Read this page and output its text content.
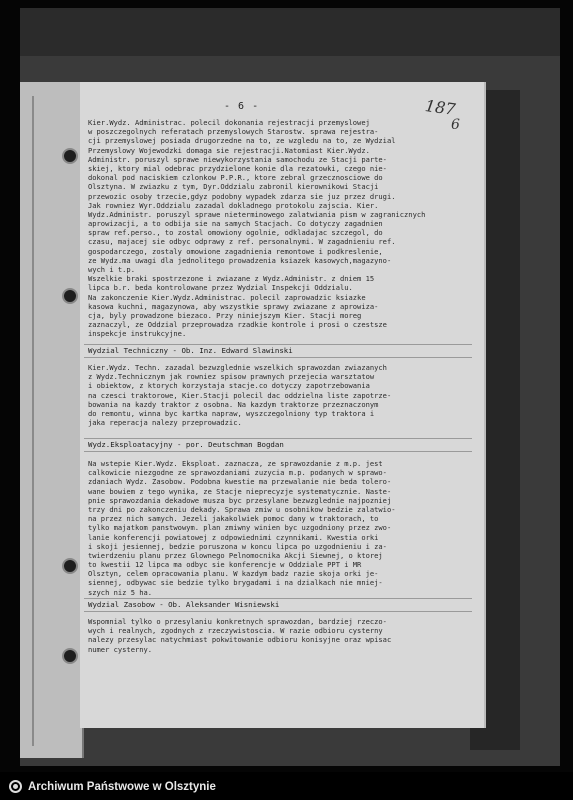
- 6 -	187
6
Kier.Wydz. Administrac. polecil dokonania rejestracji przemyslowej
w poszczegolnych referatach przemyslowych Starostw. sprawa rejestra-
cji przemyslowej posiada drugorzedne na to, ze wzgledu na to, ze Wydzial
Przemyslowy Wojewodzki domaga sie rejestracji.Natomiast Kier.Wydz.
Administr. poruszyl sprawe niewykorzystania samochodu ze Stacji parte-
skiej, ktory mial odebrac przydzielone konie dla rezatowki, czego nie-
dokonal pod naciskiem czlonkow P.P.R., ktore zebral grzecznosciowe do
Olsztyna. W zwiazku z tym, Dyr.Oddzialu zabronil kierownikowi Stacji
przewozic osoby trzecie,gdyz podobny wypadek zdarza sie juz przez drugi.
Jak rowniez Wyr.Oddzialu zazadal dokladnego protokolu zajscia. Kier.
Wydz.Administr. poruszyl sprawe nieterminowego zalatwiania pism w zagranicznych
aprowizacji, a to odbija sie na samych Stacjach. Co dotyczy zagadnien
spraw ref.perso., to zostal omowiony ogolnie, odkladajac szczegol, do
czasu, majacej sie odbyc odprawy z ref. personalnymi. W zagadnieniu ref.
gospodarczego, zostaly omowione zagadnienia remontowe i podkreslenie,
ze Wydz.ma uwagi dla jednolitego prowadzenia ksiazek kasowych,magazyno-
wych i t.p.
Wszelkie braki spostrzezone i zwiazane z Wydz.Administr. z dniem 15
lipca b.r. beda kontrolowane przez Wydzial Inspekcji Oddzialu.
Na zakonczenie Kier.Wydz.Administrac. polecil zaprowadzic ksiazke
kasowa kuchni, magazynowa, aby wszystkie sprawy zwiazane z aprowiza-
cja, byly prowadzone biezaco. Przy niniejszym Kier. Stacji moreg
zaznaczyl, ze Oddzial przeprowadza rzadkie kontrole i prosi o czestsze
inspekcje instrukcyjne.
Wydzial Techniczny - Ob. Inz. Edward Slawinski
Kier.Wydz. Techn. zazadal bezwzglednie wszelkich sprawozdan zwiazanych
z Wydz.Technicznym jak rowniez spisow prawnych przejecia warsztatow
i obiektow, z ktorych korzystaja stacje.co dotyczy zapotrzebowania
na czesci traktorowe, Kier.Stacji polecil dac oddzielna liste zapotrze-
bowania na kazdy traktor z osobna. Na kazdym traktorze przeznaczonym
do remontu, winna byc kartka napraw, wyszczegolniony typ traktora i
jaka reperacja nalezy przeprowadzic.
Wydz.Eksploatacyjny - por. Deutschman Bogdan
Na wstepie Kier.Wydz. Eksploat. zaznacza, ze sprawozdanie z m.p. jest
calkowicie niezgodne ze sprawozdaniami zuzycia m.p. podanych w sprawo-
zdaniach Wydz. Zasobow. Podobna kwestie ma przewalanie nie beda tolero-
wane bowiem z tego wynika, ze Stacje nieprecyzje systematycznie. Naste-
pnie sprawozdania dekadowe musza byc przesylane bezwzglednie najpozniej
trzy dni po zakonczeniu dekady. Sprawa zmiw u osobnikow bedzie zalatwio-
na przez nich samych. Jezeli jakakolwiek pomoc dany w traktorach, to
tylko majatkom panstwowym. plan zmiwny winien byc uzgodniony przez zwo-
lanie konferencji powiatowej z odpowiednimi czynnikami. Kwestia orki
i skoji jesiennej, bedzie poruszona w koncu lipca po uzgodnieniu i za-
twierdzeniu planu przez Glownego Pelnomocnika Akcji Siewnej, o ktorej
to kwestii 12 lipca ma odbyc sie konferencje w Oddziale PPT i MR
Olsztyn, celem opracowania planu. W kazdym badz razie skoja orki je-
siennej, odbywac sie bedzie tylko brygadami i na dzialkach nie mniej-
szych niz 5 ha.
Wydzial Zasobow - Ob. Aleksander Wisniewski
Wspomnial tylko o przesylaniu konkretnych sprawozdan, bardziej rzeczo-
wych i realnych, zgodnych z rzeczywistoscia. W razie odbioru cysterny
nalezy przesylac natychmiast pokwitowanie odbioru konisyjne oraz wpisac
numer cysterny.
Archiwum Państwowe w Olsztynie
